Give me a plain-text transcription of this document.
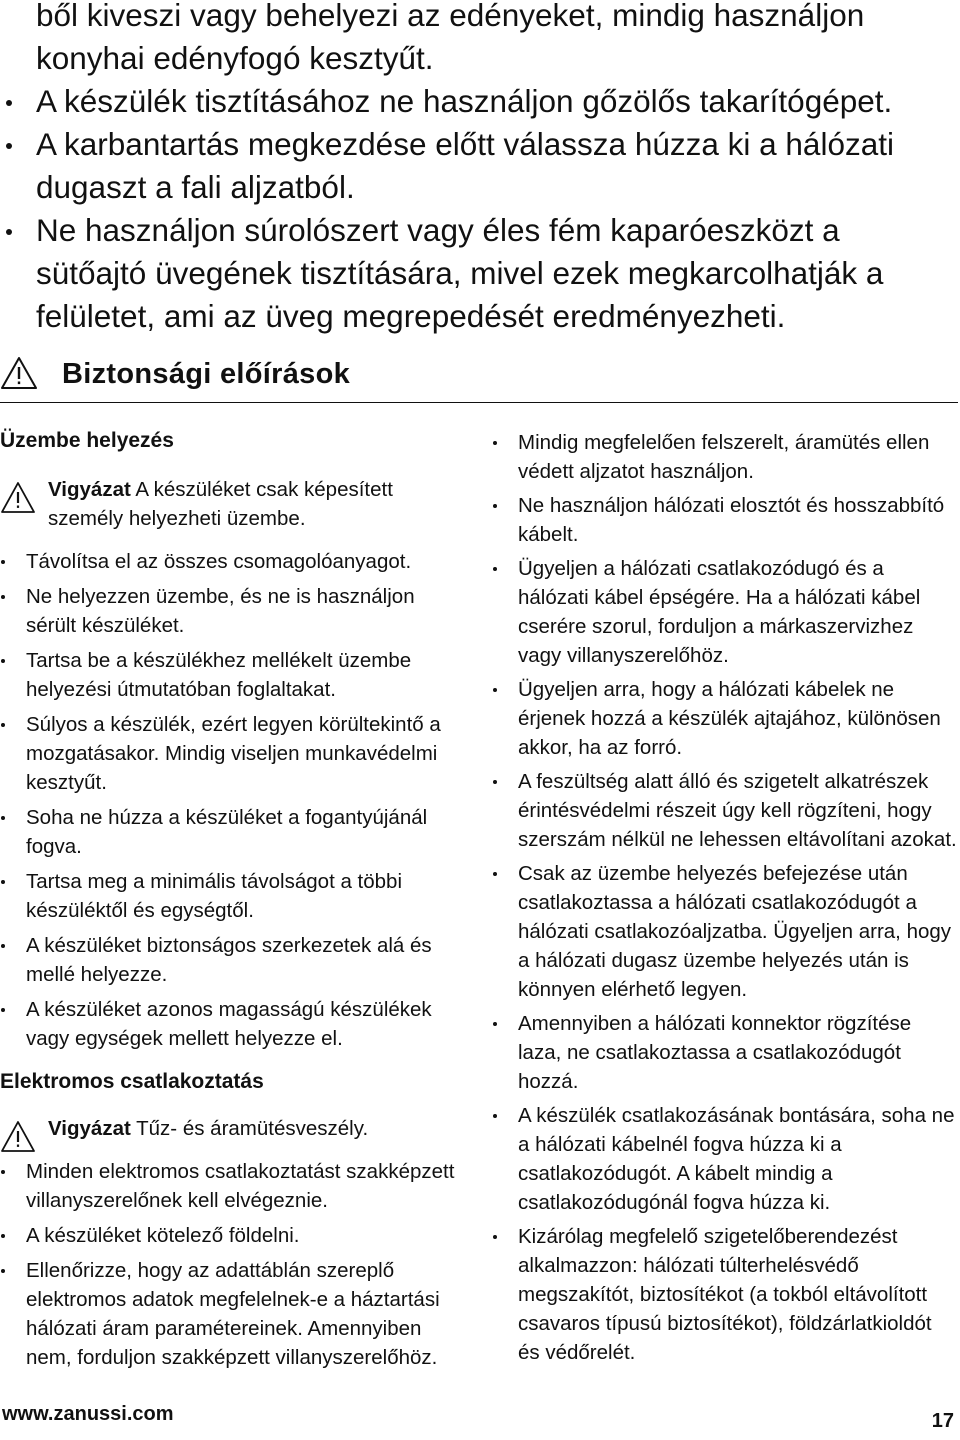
ből kiveszi vagy behelyezi az edényeket, mindig használjon konyhai edényfogó kesztyűt.
A készülék tisztításához ne használjon gőzölős takarítógépet.
A karbantartás megkezdése előtt válassza húzza ki a hálózati dugaszt a fali aljzatból.
Ne használjon súrolószert vagy éles fém kaparóeszközt a sütőajtó üvegének tisztítására, mivel ezek megkarcolhatják a felületet, ami az üveg megrepedését eredményezheti.
Biztonsági előírások
Üzembe helyezés
Vigyázat A készüléket csak képesített személy helyezheti üzembe.
Távolítsa el az összes csomagolóanyagot.
Ne helyezzen üzembe, és ne is használjon sérült készüléket.
Tartsa be a készülékhez mellékelt üzembe helyezési útmutatóban foglaltakat.
Súlyos a készülék, ezért legyen körültekintő a mozgatásakor. Mindig viseljen munkavédelmi kesztyűt.
Soha ne húzza a készüléket a fogantyújánál fogva.
Tartsa meg a minimális távolságot a többi készüléktől és egységtől.
A készüléket biztonságos szerkezetek alá és mellé helyezze.
A készüléket azonos magasságú készülékek vagy egységek mellett helyezze el.
Elektromos csatlakoztatás
Vigyázat Tűz- és áramütésveszély.
Minden elektromos csatlakoztatást szakképzett villanyszerelőnek kell elvégeznie.
A készüléket kötelező földelni.
Ellenőrizze, hogy az adattáblán szereplő elektromos adatok megfelelnek-e a háztartási hálózati áram paramétereinek. Amennyiben nem, forduljon szakképzett villanyszerelőhöz.
Mindig megfelelően felszerelt, áramütés ellen védett aljzatot használjon.
Ne használjon hálózati elosztót és hosszabbító kábelt.
Ügyeljen a hálózati csatlakozódugó és a hálózati kábel épségére. Ha a hálózati kábel cserére szorul, forduljon a márkaszervizhez vagy villanyszerelőhöz.
Ügyeljen arra, hogy a hálózati kábelek ne érjenek hozzá a készülék ajtajához, különösen akkor, ha az forró.
A feszültség alatt álló és szigetelt alkatrészek érintésvédelmi részeit úgy kell rögzíteni, hogy szerszám nélkül ne lehessen eltávolítani azokat.
Csak az üzembe helyezés befejezése után csatlakoztassa a hálózati csatlakozódugót a hálózati csatlakozóaljzatba. Ügyeljen arra, hogy a hálózati dugasz üzembe helyezés után is könnyen elérhető legyen.
Amennyiben a hálózati konnektor rögzítése laza, ne csatlakoztassa a csatlakozódugót hozzá.
A készülék csatlakozásának bontására, soha ne a hálózati kábelnél fogva húzza ki a csatlakozódugót. A kábelt mindig a csatlakozódugónál fogva húzza ki.
Kizárólag megfelelő szigetelőberendezést alkalmazzon: hálózati túlterhelésvédő megszakítót, biztosítékot (a tokból eltávolított csavaros típusú biztosítékot), földzárlatkioldót és védőrelét.
www.zanussi.com	17
